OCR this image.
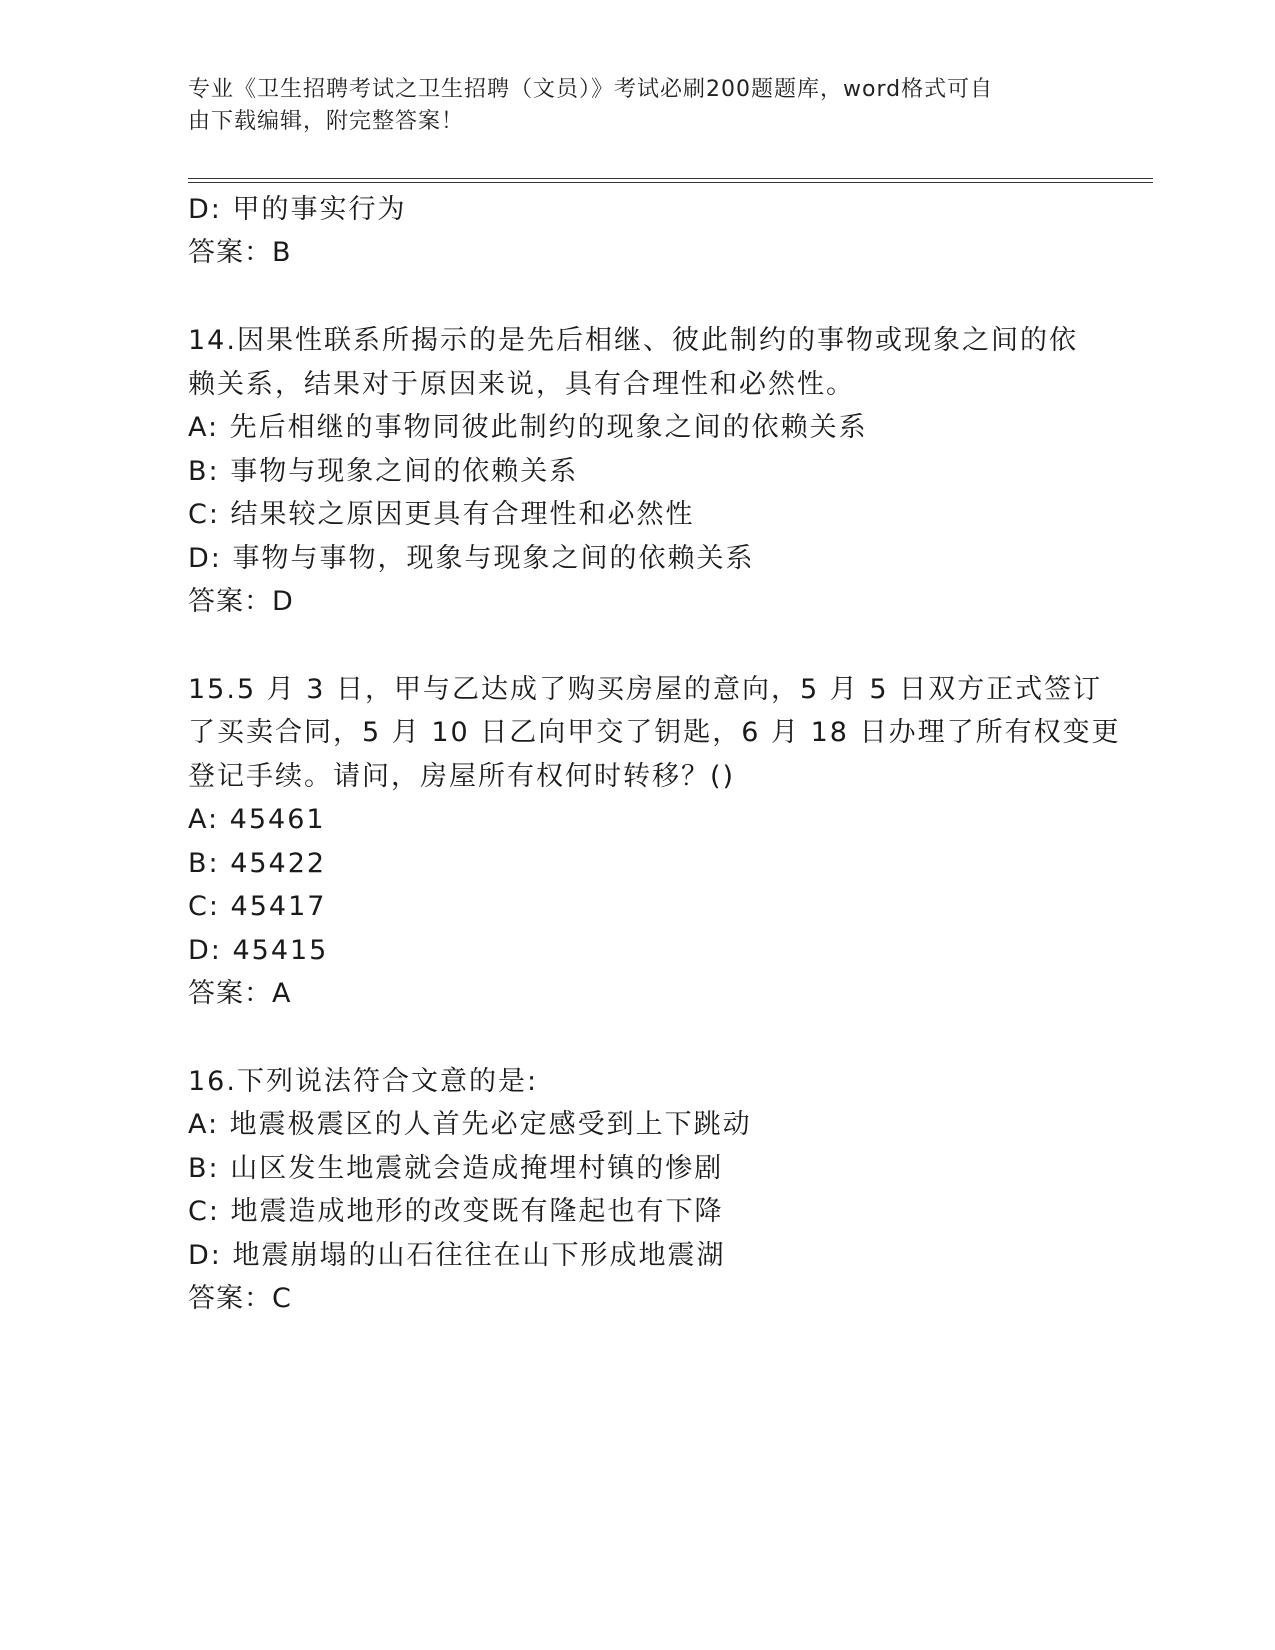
专业《卫生招聘考试之卫生招聘（文员）》考试必刷200题题库，word格式可自
由下载编辑，附完整答案！
D: 甲的事实行为
答案：B
14.因果性联系所揭示的是先后相继、彼此制约的事物或现象之间的依
赖关系，结果对于原因来说，具有合理性和必然性。
A: 先后相继的事物同彼此制约的现象之间的依赖关系
B: 事物与现象之间的依赖关系
C: 结果较之原因更具有合理性和必然性
D: 事物与事物，现象与现象之间的依赖关系
答案：D
15.5 月 3 日，甲与乙达成了购买房屋的意向，5 月 5 日双方正式签订
了买卖合同，5 月 10 日乙向甲交了钥匙，6 月 18 日办理了所有权变更
登记手续。请问，房屋所有权何时转移？()
A: 45461
B: 45422
C: 45417
D: 45415
答案：A
16.下列说法符合文意的是:
A: 地震极震区的人首先必定感受到上下跳动
B: 山区发生地震就会造成掩埋村镇的惨剧
C: 地震造成地形的改变既有隆起也有下降
D: 地震崩塌的山石往往在山下形成地震湖
答案：C
